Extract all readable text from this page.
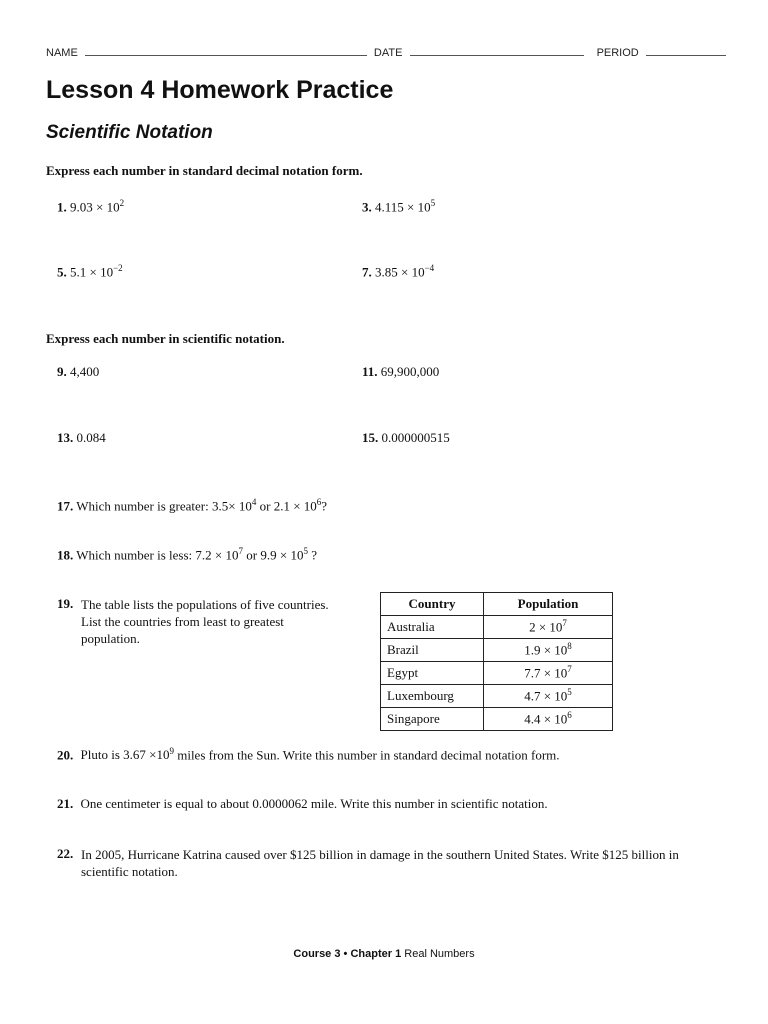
NAME	DATE	PERIOD
Lesson 4 Homework Practice
Scientific Notation
Express each number in standard decimal notation form.
1. $9.03 \times 10^2$	3. $4.115 \times 10^5$
5. $5.1 \times 10^{-2}$	7. $3.85 \times 10^{-4}$
Express each number in scientific notation.
9. 4,400	11. 69,900,000
13. 0.084	15. 0.000000515
17. Which number is greater: $3.5\times 10^4$ or $2.1 \times 10^6$?
18. Which number is less: $7.2 \times 10^7$ or $9.9 \times 10^5$ ?
19. The table lists the populations of five countries.
List the countries from least to greatest
population.
Country	Population
Australia	$2 \times 10^7$
Brazil	$1.9 \times 10^8$
Egypt	$7.7 \times 10^7$
Luxembourg	$4.7 \times 10^5$
Singapore	$4.4 \times 10^6$
20. Pluto is $3.67 \times 10^9$ miles from the Sun. Write this number in standard decimal notation form.
21. One centimeter is equal to about 0.0000062 mile. Write this number in scientific notation.
22. In 2005, Hurricane Katrina caused over $125 billion in damage in the southern United States. Write $125 billion in
scientific notation.
Course 3 • Chapter 1 Real Numbers
